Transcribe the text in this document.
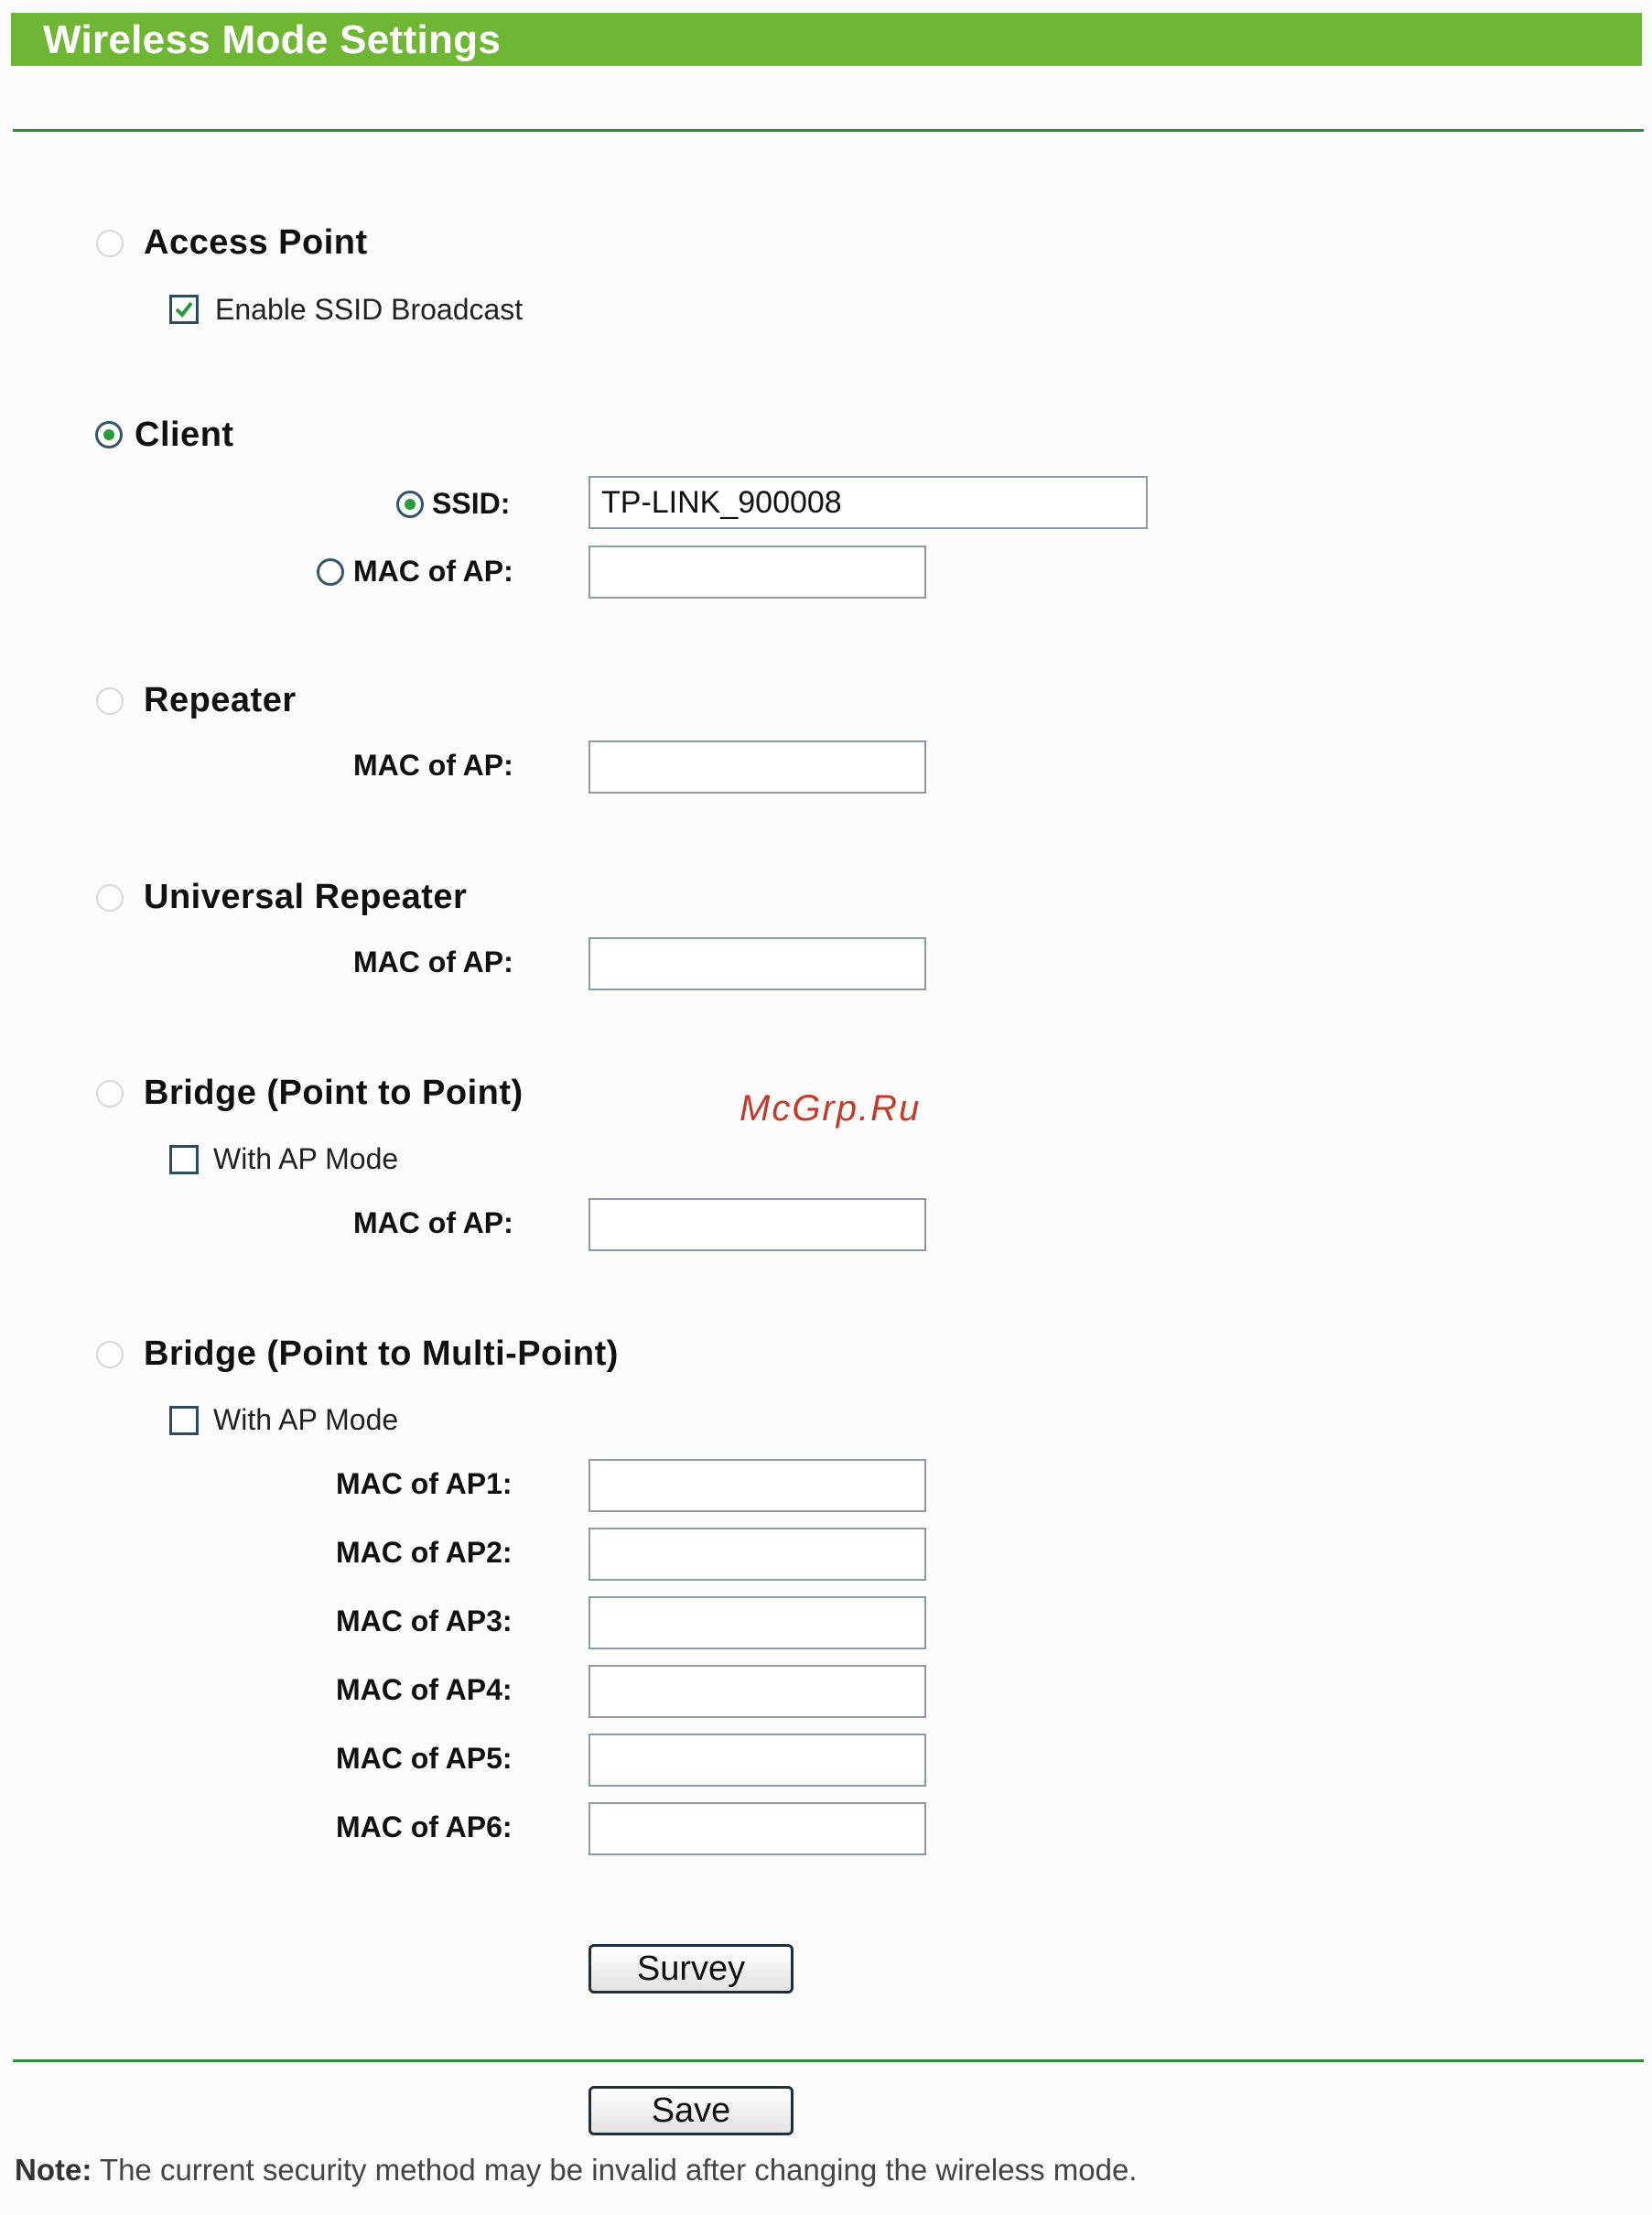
Wireless Mode Settings
Access Point
Enable SSID Broadcast
Client
SSID:
TP-LINK_900008
MAC of AP:
Repeater
MAC of AP:
Universal Repeater
MAC of AP:
Bridge (Point to Point)	McGrp.Ru
With AP Mode
MAC of AP:
Bridge (Point to Multi-Point)
With AP Mode
MAC of AP1:
MAC of AP2:
MAC of AP3:
MAC of AP4:
MAC of AP5:
MAC of AP6:
Survey
Save
Note: The current security method may be invalid after changing the wireless mode.
